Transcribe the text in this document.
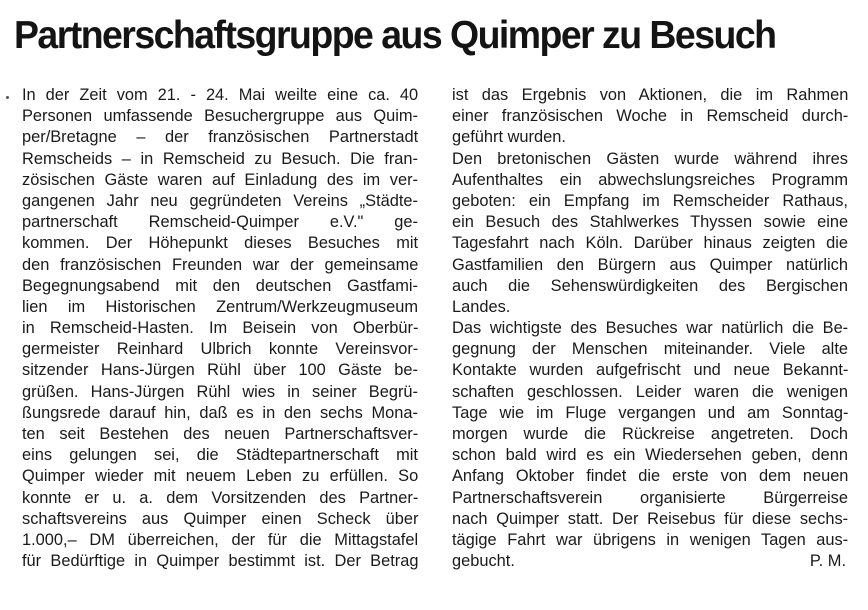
Partnerschaftsgruppe aus Quimper zu Besuch
In der Zeit vom 21. - 24. Mai weilte eine ca. 40
Personen umfassende Besuchergruppe aus Quim-
per/Bretagne – der französischen Partnerstadt
Remscheids – in Remscheid zu Besuch. Die fran-
zösischen Gäste waren auf Einladung des im ver-
gangenen Jahr neu gegründeten Vereins „Städte-
partnerschaft Remscheid-Quimper e.V." ge-
kommen. Der Höhepunkt dieses Besuches mit
den französischen Freunden war der gemeinsame
Begegnungsabend mit den deutschen Gastfami-
lien im Historischen Zentrum/Werkzeugmuseum
in Remscheid-Hasten. Im Beisein von Oberbür-
germeister Reinhard Ulbrich konnte Vereinsvor-
sitzender Hans-Jürgen Rühl über 100 Gäste be-
grüßen. Hans-Jürgen Rühl wies in seiner Begrü-
ßungsrede darauf hin, daß es in den sechs Mona-
ten seit Bestehen des neuen Partnerschaftsver-
eins gelungen sei, die Städtepartnerschaft mit
Quimper wieder mit neuem Leben zu erfüllen. So
konnte er u. a. dem Vorsitzenden des Partner-
schaftsvereins aus Quimper einen Scheck über
1.000,– DM überreichen, der für die Mittagstafel
für Bedürftige in Quimper bestimmt ist. Der Betrag
ist das Ergebnis von Aktionen, die im Rahmen
einer französischen Woche in Remscheid durch-
geführt wurden.
Den bretonischen Gästen wurde während ihres
Aufenthaltes ein abwechslungsreiches Programm
geboten: ein Empfang im Remscheider Rathaus,
ein Besuch des Stahlwerkes Thyssen sowie eine
Tagesfahrt nach Köln. Darüber hinaus zeigten die
Gastfamilien den Bürgern aus Quimper natürlich
auch die Sehenswürdigkeiten des Bergischen
Landes.
Das wichtigste des Besuches war natürlich die Be-
gegnung der Menschen miteinander. Viele alte
Kontakte wurden aufgefrischt und neue Bekannt-
schaften geschlossen. Leider waren die wenigen
Tage wie im Fluge vergangen und am Sonntag-
morgen wurde die Rückreise angetreten. Doch
schon bald wird es ein Wiedersehen geben, denn
Anfang Oktober findet die erste von dem neuen
Partnerschaftsverein organisierte Bürgerreise
nach Quimper statt. Der Reisebus für diese sechs-
tägige Fahrt war übrigens in wenigen Tagen aus-
gebucht.	P. M.
